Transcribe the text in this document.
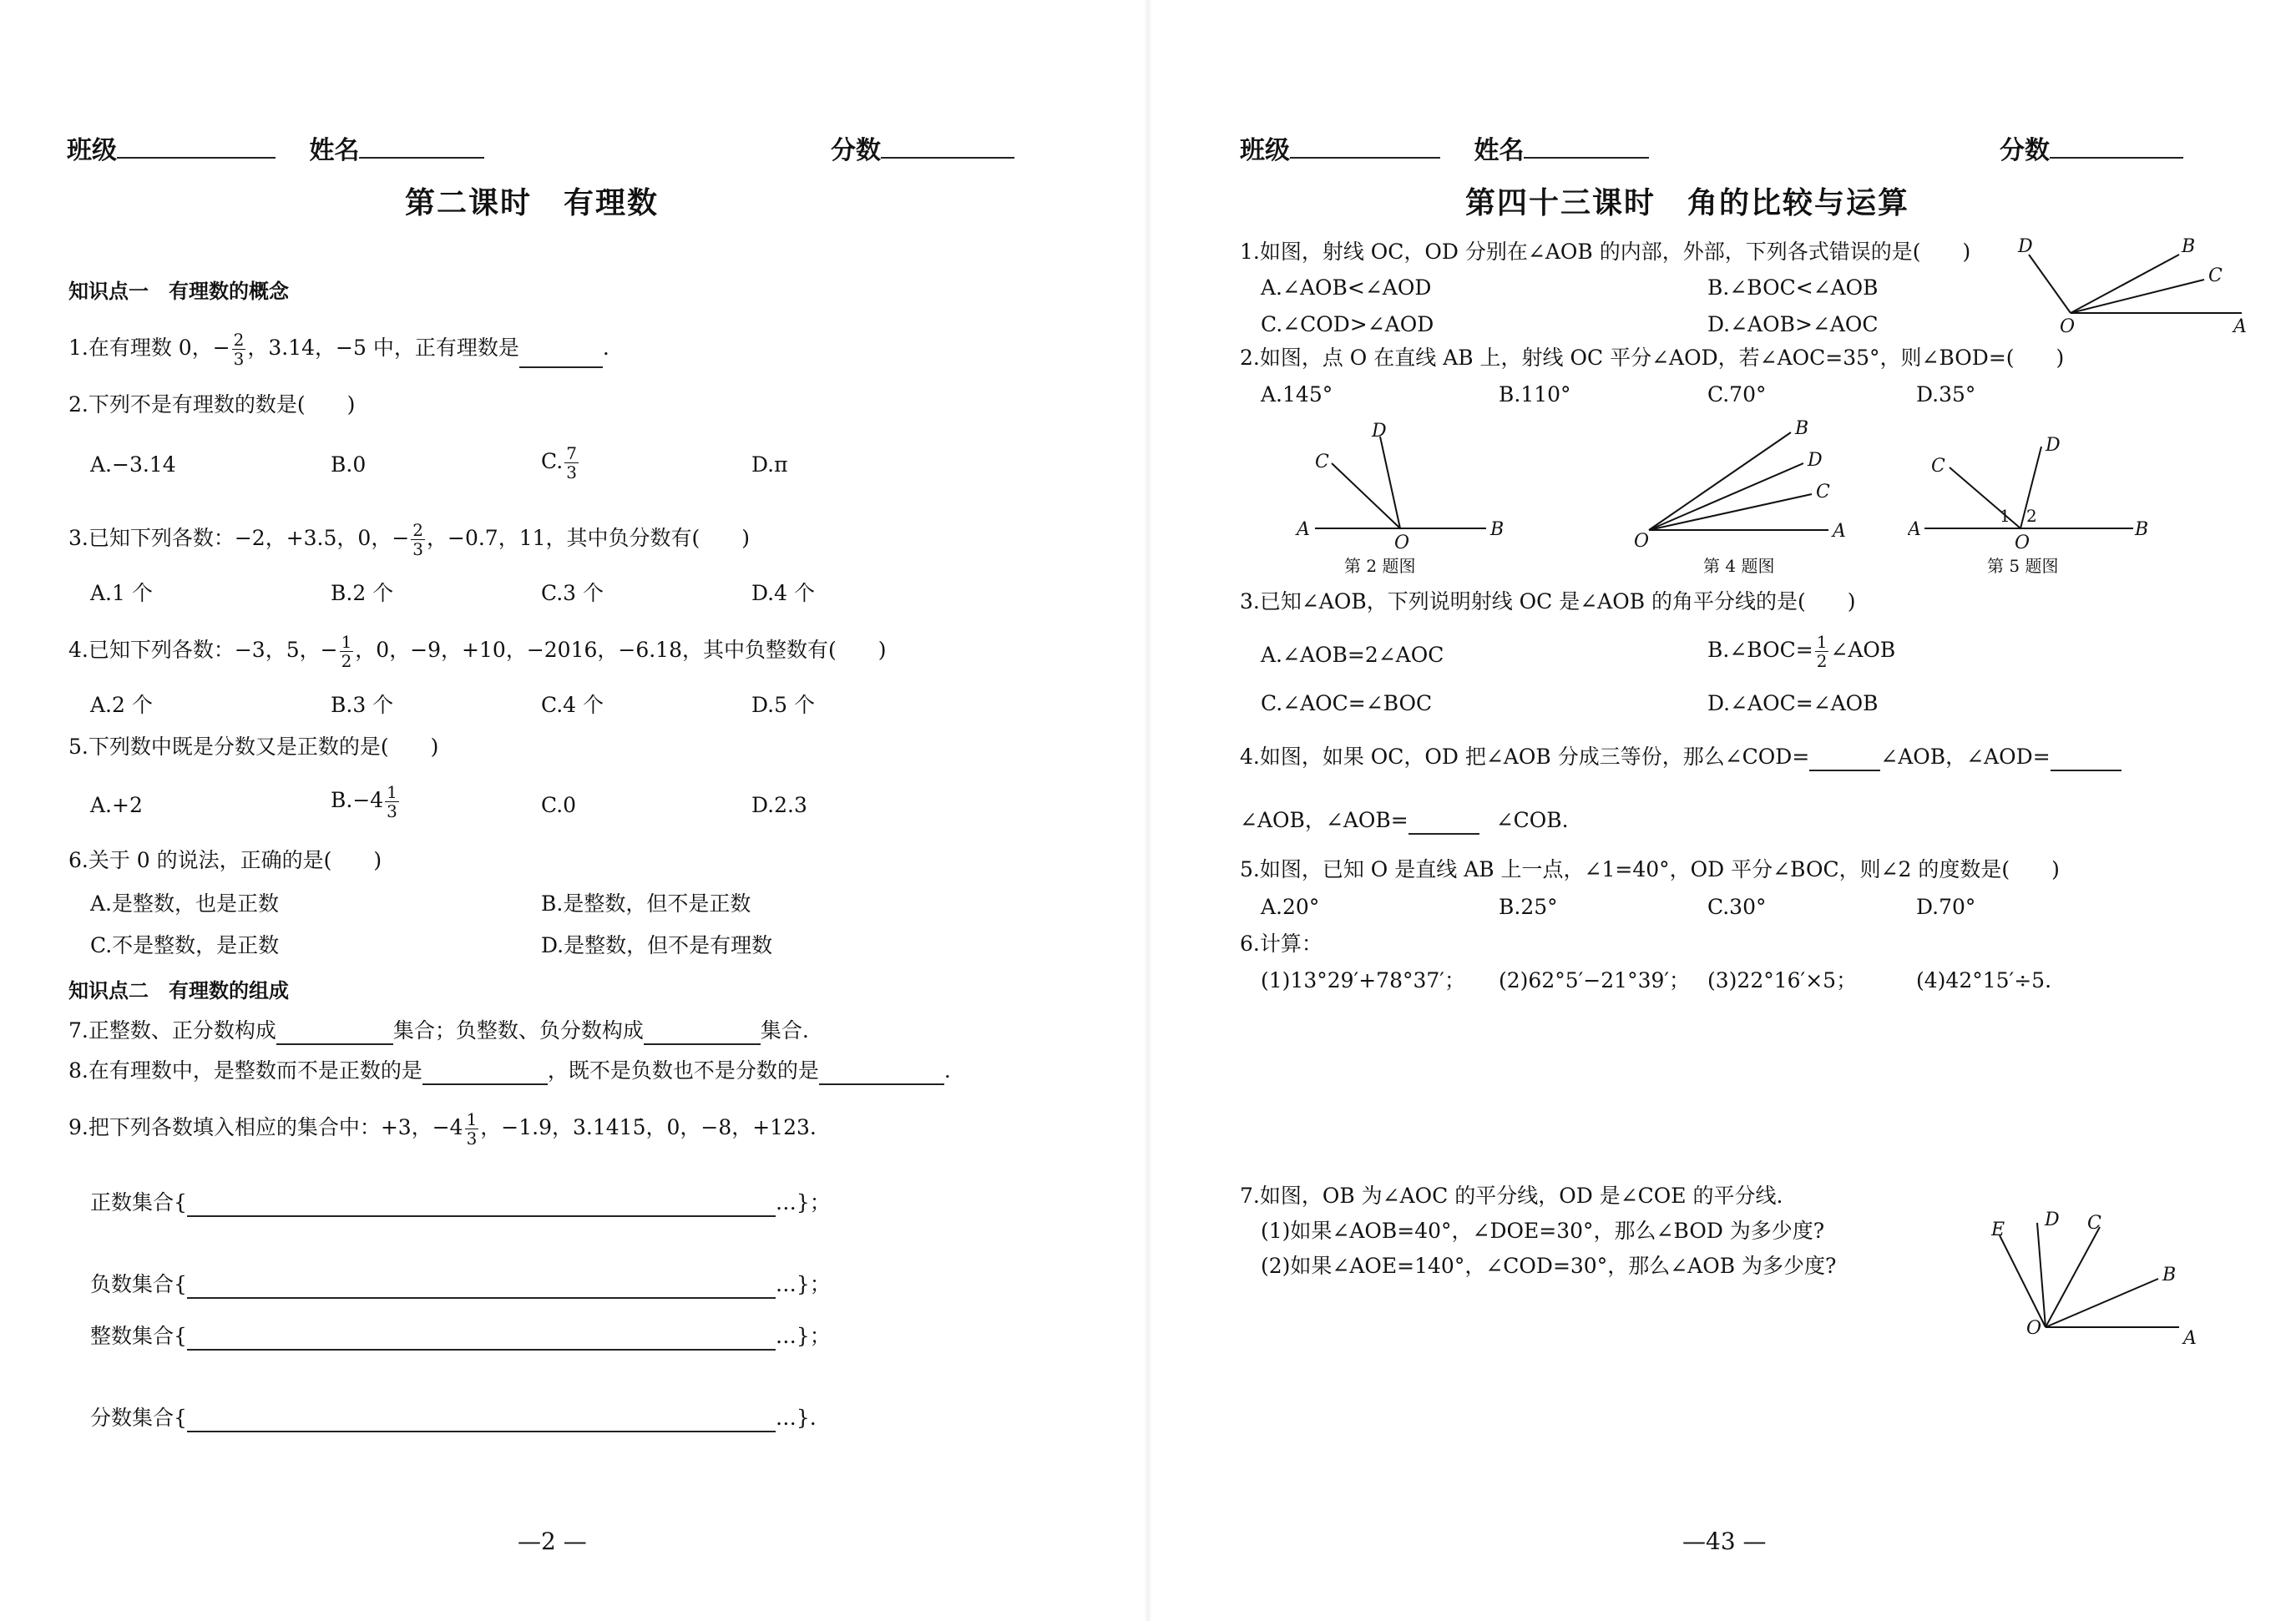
班级	姓名	分数
第二课时　有理数
知识点一　有理数的概念
1.在有理数 0，− $\frac{2}{3}$ ，3.14，−5 中，正有理数是	.
2.下列不是有理数的数是(　　)
A.−3.14	B.0	C. $\frac{7}{3}$	D.π
3.已知下列各数：−2，+3.5，0，− $\frac{2}{3}$ ，−0.7，11，其中负分数有(　　)
A.1 个	B.2 个	C.3 个	D.4 个
4.已知下列各数：−3，5，− $\frac{1}{2}$ ，0，−9，+10，−2016，−6.18，其中负整数有(　　)
A.2 个	B.3 个	C.4 个	D.5 个
5.下列数中既是分数又是正数的是(　　)
A.+2	$B.-4 \frac{1}{3}$	C.0	D.2.3
6.关于 0 的说法，正确的是(　　)
A.是整数，也是正数	B.是整数，但不是正数
C.不是整数，是正数	D.是整数，但不是有理数
知识点二　有理数的组成
7.正整数、正分数构成	集合；负整数、负分数构成	集合.
8.在有理数中，是整数而不是正数的是	，既不是负数也不是分数的是	.
9.把下列各数填入相应的集合中：+3，$-4 \frac{1}{3}$ ，−1.9，3.14̇15̇，0，−8，+123.
正数集合{	…}；
负数集合{	…}；
整数集合{	…}；
分数集合{	…}.
—2 —
班级	姓名	分数
第四十三课时　角的比较与运算
1.如图，射线 OC，OD 分别在∠AOB 的内部，外部，下列各式错误的是(　　)
A.∠AOB<∠AOD	B.∠BOC<∠AOB
C.∠COD>∠AOD	D.∠AOB>∠AOC
D	B
C
O	A
2.如图，点 O 在直线 AB 上，射线 OC 平分∠AOD，若∠AOC=35°，则∠BOD=(　　)
A.145°	B.110°	C.70°	D.35°
D
C
A
O
B
第 2 题图
B
D
C
O	A
第 4 题图
C
D
A
1 2
O
B
第 5 题图
3.已知∠AOB，下列说明射线 OC 是∠AOB 的角平分线的是(　　)
A.∠AOB=2∠AOC	B.∠BOC= $\frac{1}{2}$ ∠AOB
C.∠AOC=∠BOC	D.∠AOC=∠AOB
4.如图，如果 OC，OD 把∠AOB 分成三等份，那么∠COD=	∠AOB，∠AOD=
∠AOB，∠AOB=	∠COB.
5.如图，已知 O 是直线 AB 上一点，∠1=40°，OD 平分∠BOC，则∠2 的度数是(　　)
A.20°	B.25°	C.30°	D.70°
6.计算：
(1)13°29′+78°37′； (2)62°5′−21°39′； (3)22°16′×5；	(4)42°15′÷5.
7.如图，OB 为∠AOC 的平分线，OD 是∠COE 的平分线.
(1)如果∠AOB=40°，∠DOE=30°，那么∠BOD 为多少度?
(2)如果∠AOE=140°，∠COD=30°，那么∠AOB 为多少度?
E D C
B
O	A
—43 —
